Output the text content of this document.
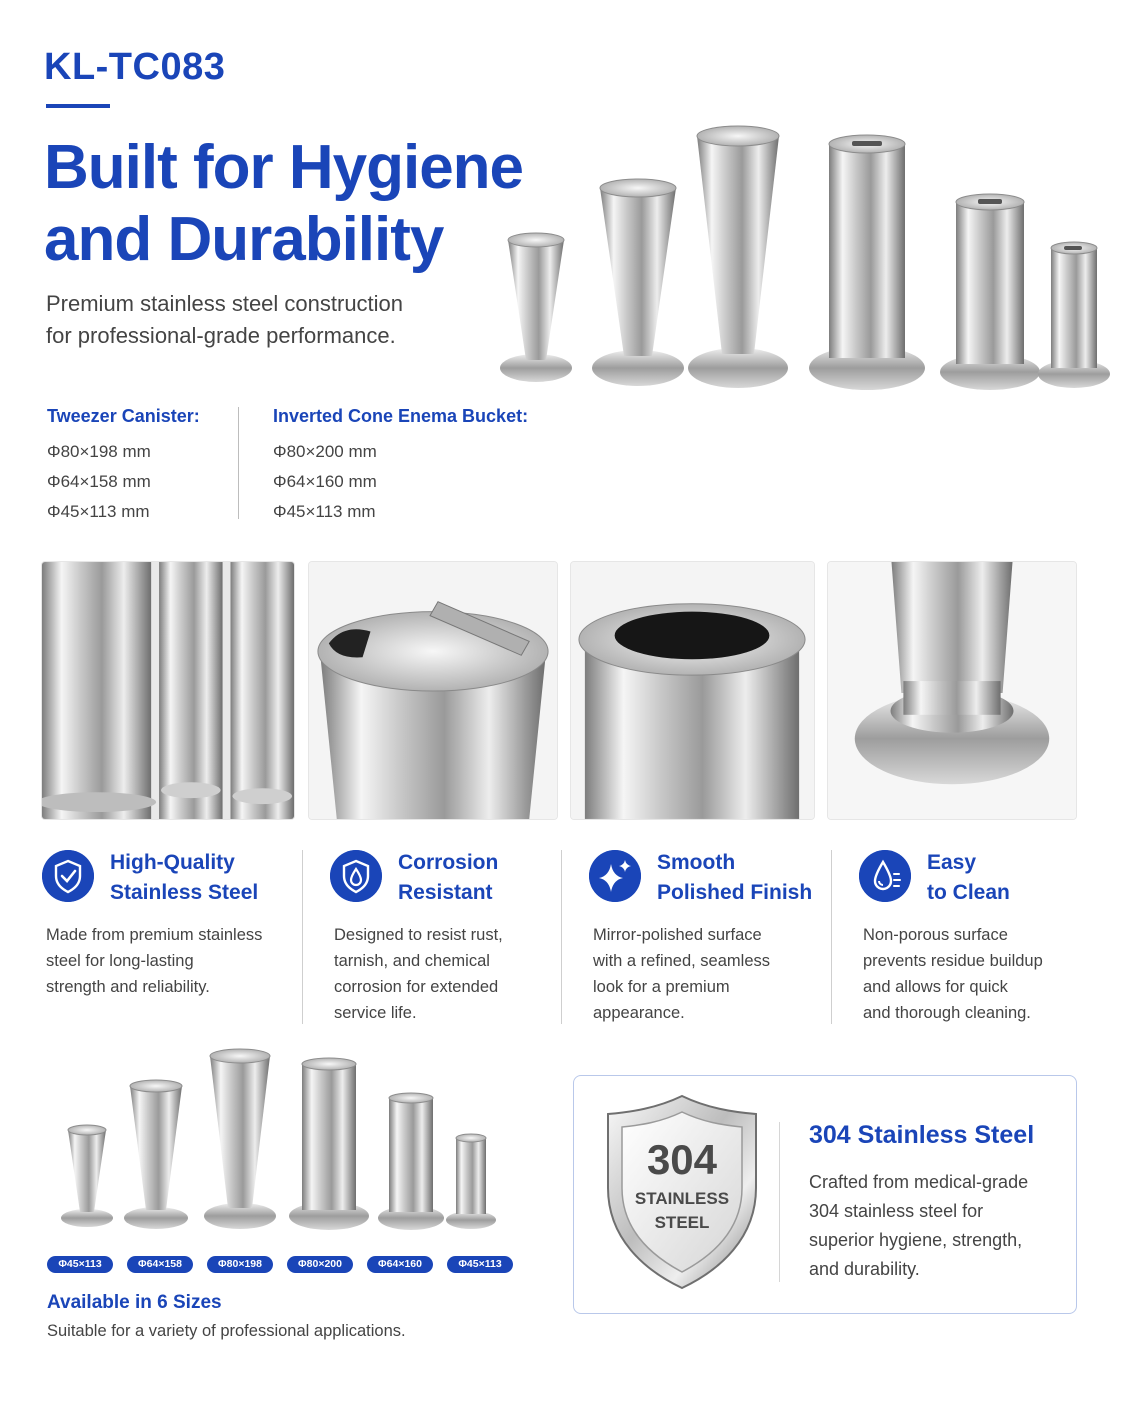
KL-TC083
Built for Hygiene
and Durability
Premium stainless steel construction
for professional-grade performance.
Tweezer Canister:
Φ80×198 mm
Φ64×158 mm
Φ45×113 mm
Inverted Cone Enema Bucket:
Φ80×200 mm
Φ64×160 mm
Φ45×113 mm
High-Quality
Stainless Steel
Made from premium stainless
steel for long-lasting
strength and reliability.
Corrosion
Resistant
Designed to resist rust,
tarnish, and chemical
corrosion for extended
service life.
Smooth
Polished Finish
Mirror-polished surface
with a refined, seamless
look for a premium
appearance.
Easy
to Clean
Non-porous surface
prevents residue buildup
and allows for quick
and thorough cleaning.
Φ45×113	Φ64×158	Φ80×198	Φ80×200	Φ64×160	Φ45×113
Available in 6 Sizes
Suitable for a variety of professional applications.
304
STAINLESS
STEEL
304 Stainless Steel
Crafted from medical-grade
304 stainless steel for
superior hygiene, strength,
and durability.
